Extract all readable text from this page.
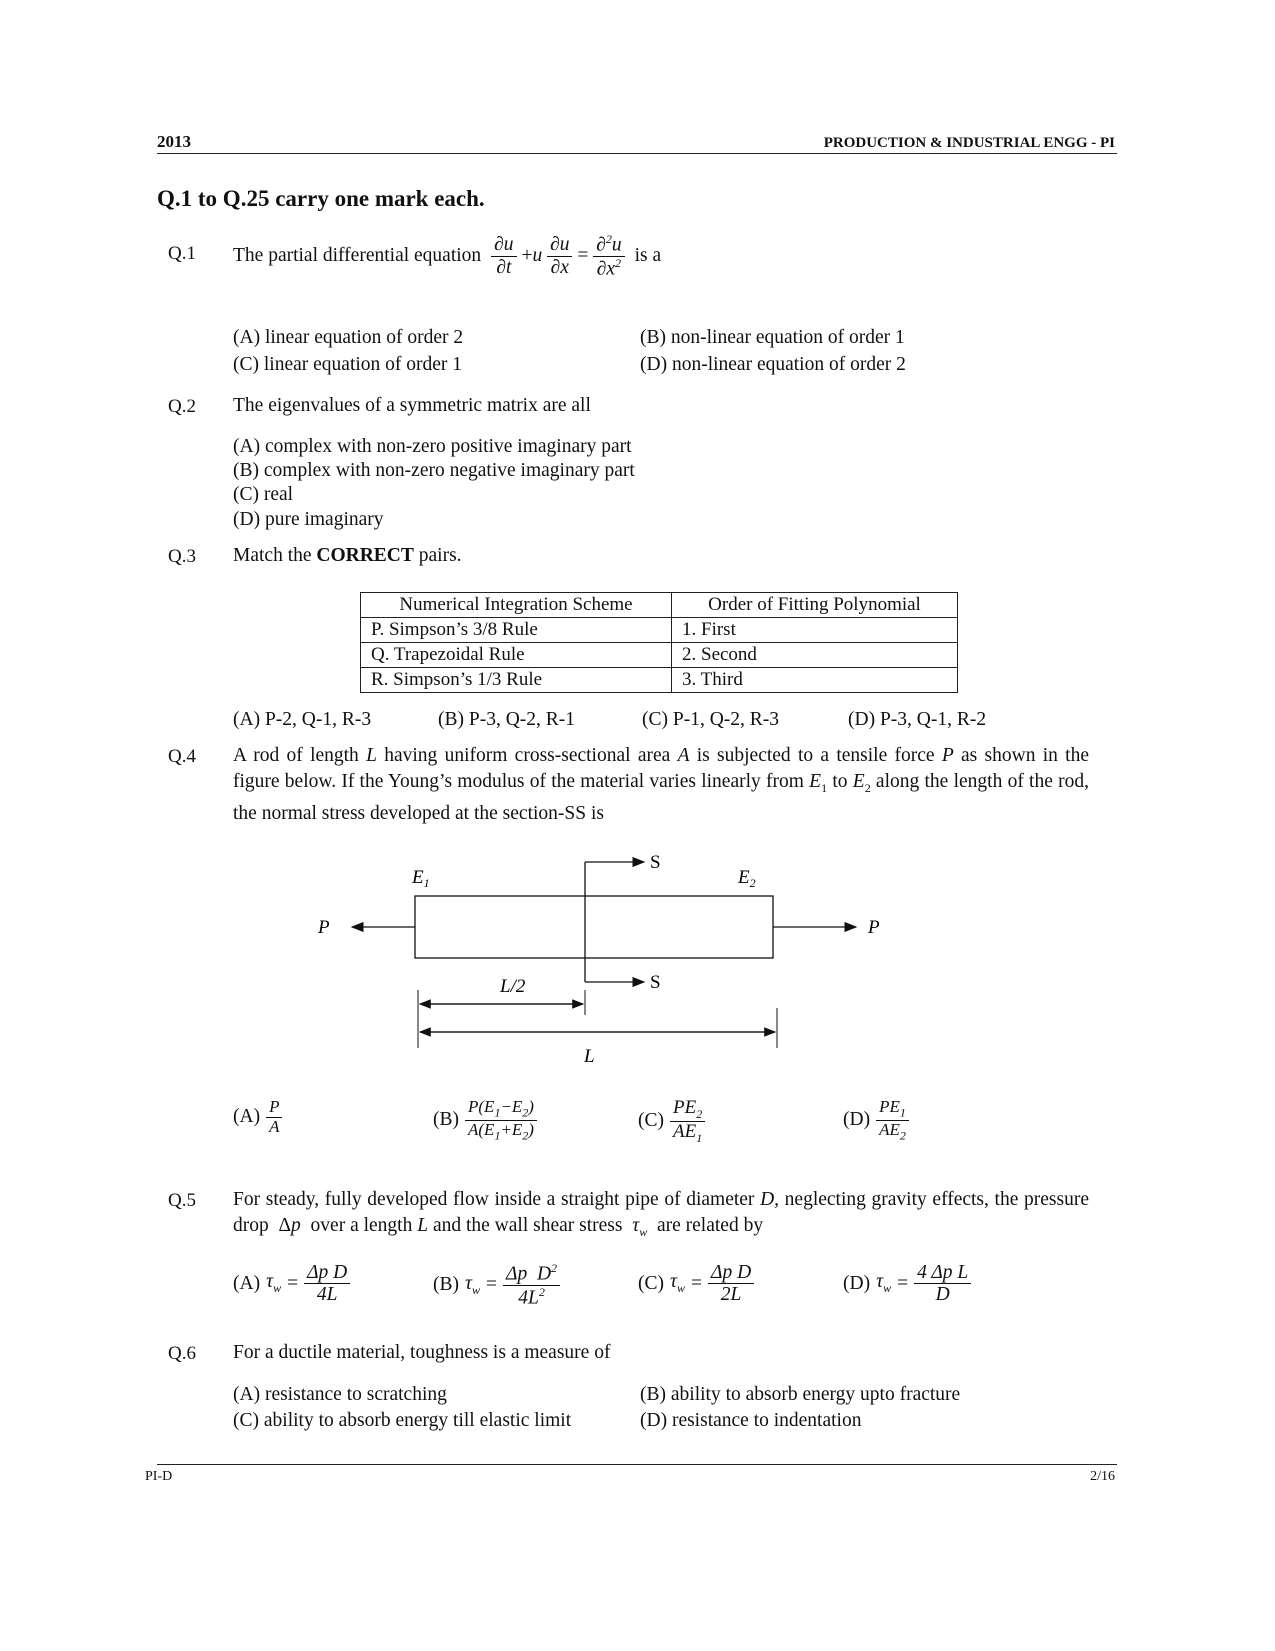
2013	PRODUCTION & INDUSTRIAL ENGG - PI
Q.1 to Q.25 carry one mark each.
Q.1 The partial differential equation $\frac{\partial u}{\partial t} +u \frac{\partial u}{\partial x} = \frac{\partial^2u}{\partial x^2}$ is a
(A) linear equation of order 2	(B) non-linear equation of order 1
(C) linear equation of order 1	(D) non-linear equation of order 2
Q.2 The eigenvalues of a symmetric matrix are all
(A) complex with non-zero positive imaginary part
(B) complex with non-zero negative imaginary part
(C) real
(D) pure imaginary
Q.3 Match the CORRECT pairs.
Numerical Integration Scheme	Order of Fitting Polynomial
P. Simpson’s 3/8 Rule	1. First
Q. Trapezoidal Rule	2. Second
R. Simpson’s 1/3 Rule	3. Third
(A) P-2, Q-1, R-3	(B) P-3, Q-2, R-1	(C) P-1, Q-2, R-3	(D) P-3, Q-1, R-2
Q.4 A rod of length L having uniform cross-sectional area A is subjected to a tensile force P as shown in the figure below. If the Young’s modulus of the material varies linearly from $E_1$ to $E_2$ along the length of the rod, the normal stress developed at the section-SS is
$E_1$	$E_2$
P	P
S
S
L/2
L
$(A) \frac{P}{A}$	$(B) \frac{P(E_1-E_2)}{A(E_1+E_2)}$	$(C) \frac{PE_2}{AE_1}$	$(D) \frac{PE_1}{AE_2}$
Q.5 For steady, fully developed flow inside a straight pipe of diameter D, neglecting gravity effects, the pressure drop  Δp  over a length L and the wall shear stress  $\tau_w$  are related by
(A) $\tau_w = \frac{\text{Δp D}}{4L}$	(B) $\tau_w = \frac{\Delta p D^2}{4L^2}$	(C) $\tau_w = \frac{\text{Δp D}}{2L}$	(D) $\tau_w = \frac{\text{4 Δp L}}{D}$
Q.6 For a ductile material, toughness is a measure of
(A) resistance to scratching	(B) ability to absorb energy upto fracture
(C) ability to absorb energy till elastic limit	(D) resistance to indentation
PI-D	2/16
